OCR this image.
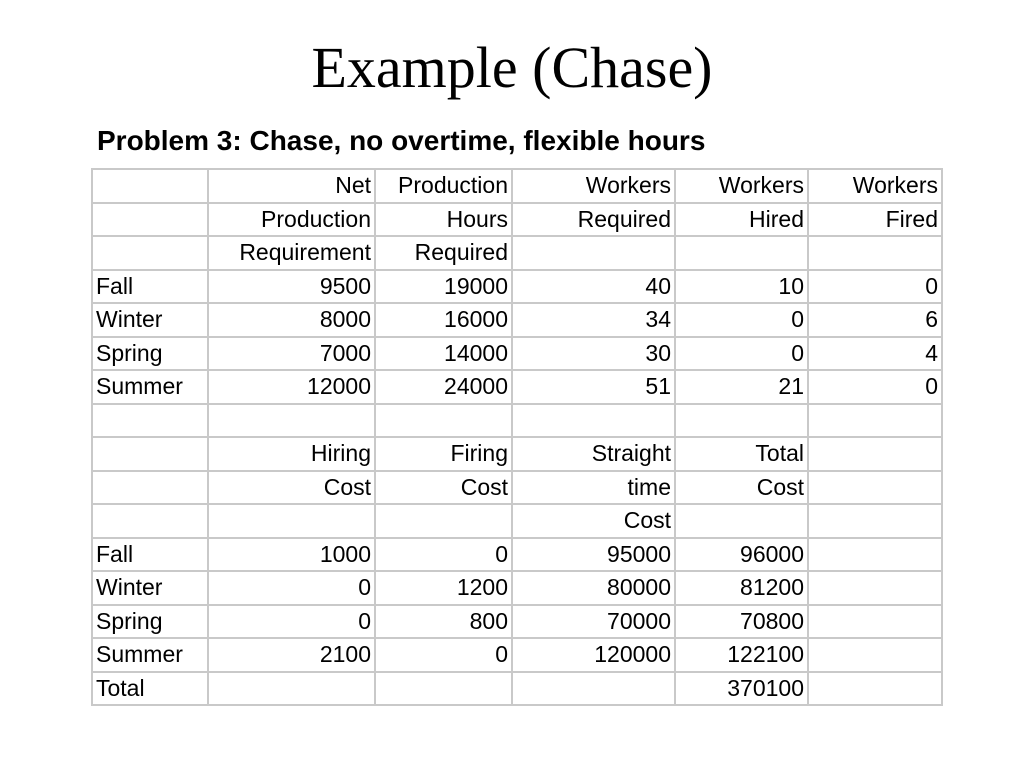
Example (Chase)
Problem 3: Chase, no overtime, flexible hours
	Net	Production	Workers	Workers	Workers
	Production	Hours	Required	Hired	Fired
	Requirement	Required			
Fall	9500	19000	40	10	0
Winter	8000	16000	34	0	6
Spring	7000	14000	30	0	4
Summer	12000	24000	51	21	0

	Hiring	Firing	Straight	Total	
	Cost	Cost	time	Cost	
			Cost		
Fall	1000	0	95000	96000	
Winter	0	1200	80000	81200	
Spring	0	800	70000	70800	
Summer	2100	0	120000	122100	
Total				370100	
